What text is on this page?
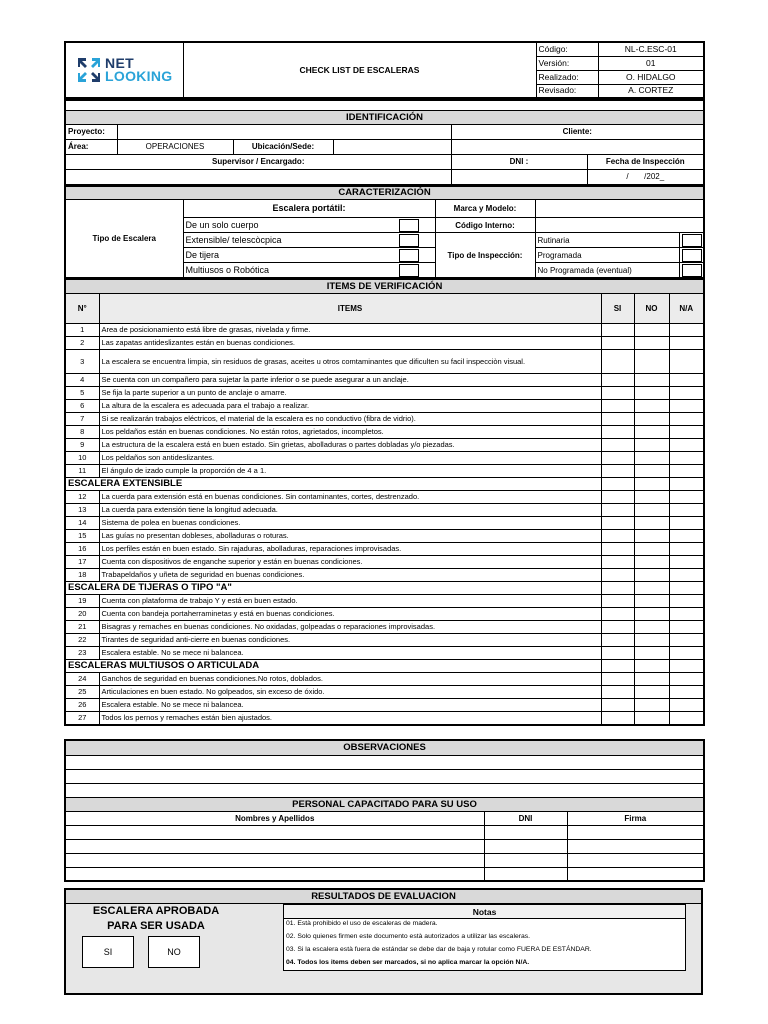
NET
LOOKING	CHECK LIST DE ESCALERAS	Código:	NL-C.ESC-01
		Versión:	01
		Realizado:	O. HIDALGO
		Revisado:	A. CORTEZ

IDENTIFICACIÓN					
Proyecto:				Cliente:	
Área:	OPERACIONES	Ubicación/Sede:			
Supervisor / Encargado:				DNI :	Fecha de Inspección
					/       /202_
CARACTERIZACIÓN					
Tipo de Escalera	Escalera portátil:		Marca y Modelo:		
	De un solo cuerpo		Código Interno:		
	Extensible/ telescòcpica		Tipo de Inspección:	Rutinaria	
	De tijera			Programada	
	Multiusos o Robótica			No Programada (eventual)	
ITEMS DE VERIFICACIÓN				
N°	ITEMS	SI	NO	N/A
1	Area de posicionamiento está libre de grasas, nivelada y firme.			
2	Las zapatas antideslizantes están en buenas condiciones.			
3	La escalera se encuentra limpia, sin residuos de grasas, aceites u otros comtaminantes que dificulten su facil inspecciòn visual.			
4	Se cuenta con un compañero para sujetar la parte inferior o se puede asegurar a un anclaje.			
5	Se fija la parte superior a un punto de anclaje o amarre.			
6	La altura de la escalera es adecuada para el trabajo a realizar.			
7	Si se realizarán trabajos eléctricos, el material de la escalera es no conductivo (fibra de vidrio).			
8	Los peldaños están en buenas condiciones. No están rotos, agrietados, incompletos.			
9	La estructura de la escalera está en buen estado. Sin grietas, abolladuras o partes dobladas y/o piezadas.			
10	Los peldaños son antideslizantes.			
11	El ángulo de izado cumple la proporción de 4 a 1.			
ESCALERA EXTENSIBLE				
12	La cuerda para extensión está en buenas condiciones. Sin contaminantes, cortes, destrenzado.			
13	La cuerda para extensión tiene la longitud adecuada.			
14	Sistema de polea en buenas condiciones.			
15	Las guías no presentan dobleses, abolladuras o roturas.			
16	Los perfiles están en buen estado. Sin rajaduras, abolladuras, reparaciones improvisadas.			
17	Cuenta con dispositivos de enganche superior y están en buenas condiciones.			
18	Trabapeldaños y uñeta de seguridad en buenas condiciones.			
ESCALERA DE TIJERAS O TIPO "A"				
19	Cuenta con plataforma de trabajo Y y está en buen estado.			
20	Cuenta con bandeja portaherraminetas y está en buenas condiciones.			
21	Bisagras y remaches en buenas condiciones. No oxidadas, golpeadas o reparaciones improvisadas.			
22	Tirantes de seguridad anti-cierre en buenas condiciones.			
23	Escalera estable. No se mece ni balancea.			
ESCALERAS MULTIUSOS O ARTICULADA				
24	Ganchos de seguridad en buenas condiciones.No rotos, doblados.			
25	Articulaciones en buen estado. No golpeados, sin exceso de óxido.			
26	Escalera estable. No se mece ni balancea.			
27	Todos los pernos y remaches están bien ajustados.			
OBSERVACIONES		

PERSONAL CAPACITADO PARA SU USO		
Nombres y Apellidos	DNI	Firma

RESULTADOS DE EVALUACION
ESCALERA APROBADA
PARA SER USADA
SI	NO
Notas
01. Està prohibido el uso de escaleras de madera.
02. Solo quienes firmen este documento està autorizados a utilizar las escaleras.
03. Si la escalera està fuera de estándar se debe dar de baja y rotular como FUERA DE ESTÁNDAR.
04. Todos los items deben ser marcados, si no aplica marcar la opción N/A.
